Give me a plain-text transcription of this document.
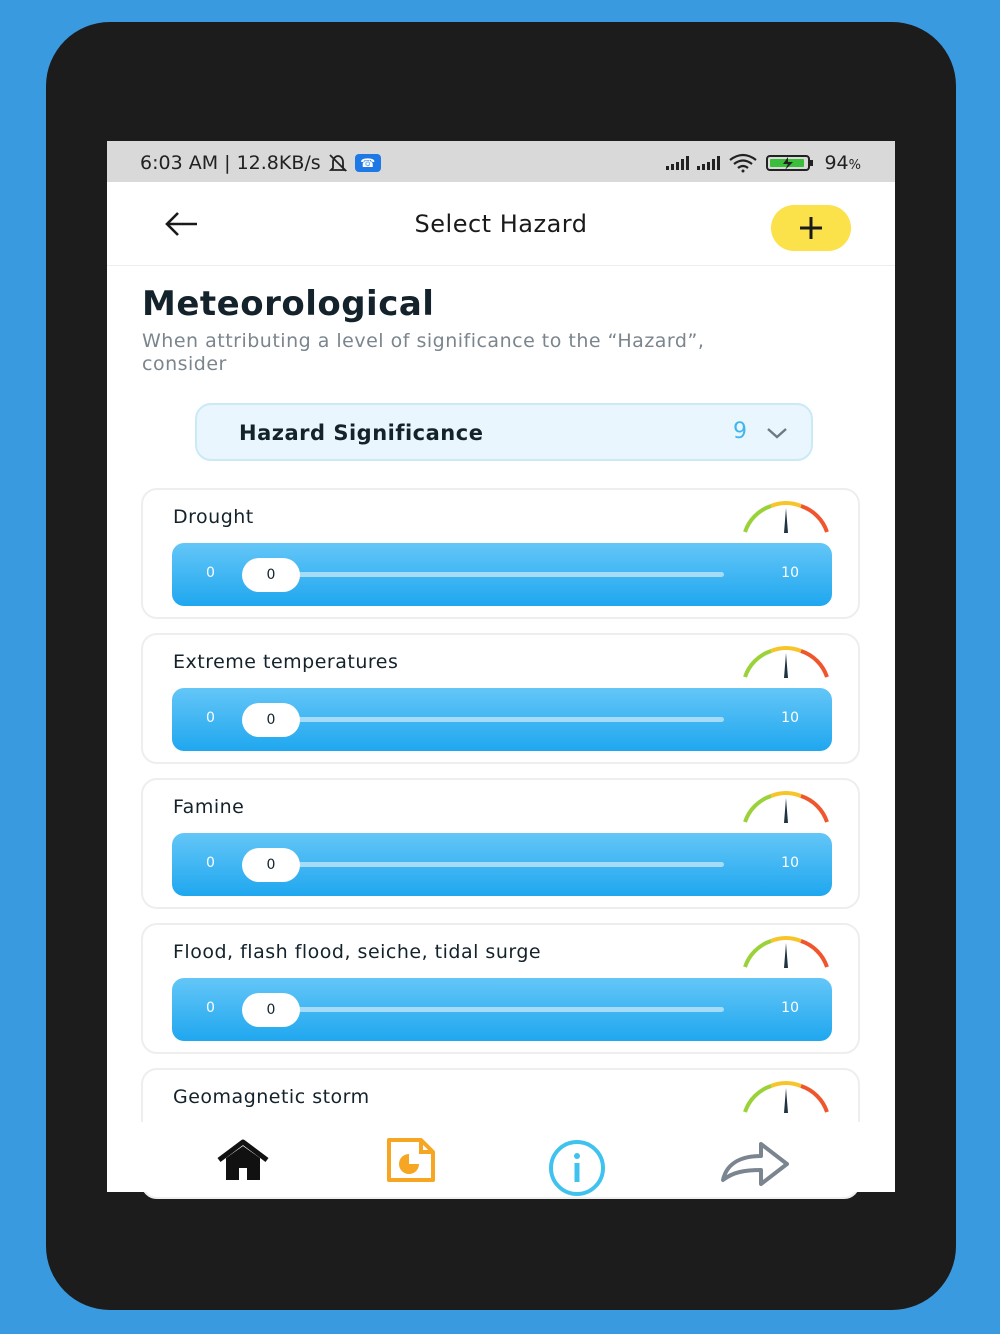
6:03 AM | 12.8KB/s	☎	94%
Select Hazard
Meteorological
When attributing a level of significance to the “Hazard”, consider
Hazard Significance	9
Drought
0	0	10
Extreme temperatures
0	0	10
Famine
0	0	10
Flood, flash flood, seiche, tidal surge
0	0	10
Geomagnetic storm
